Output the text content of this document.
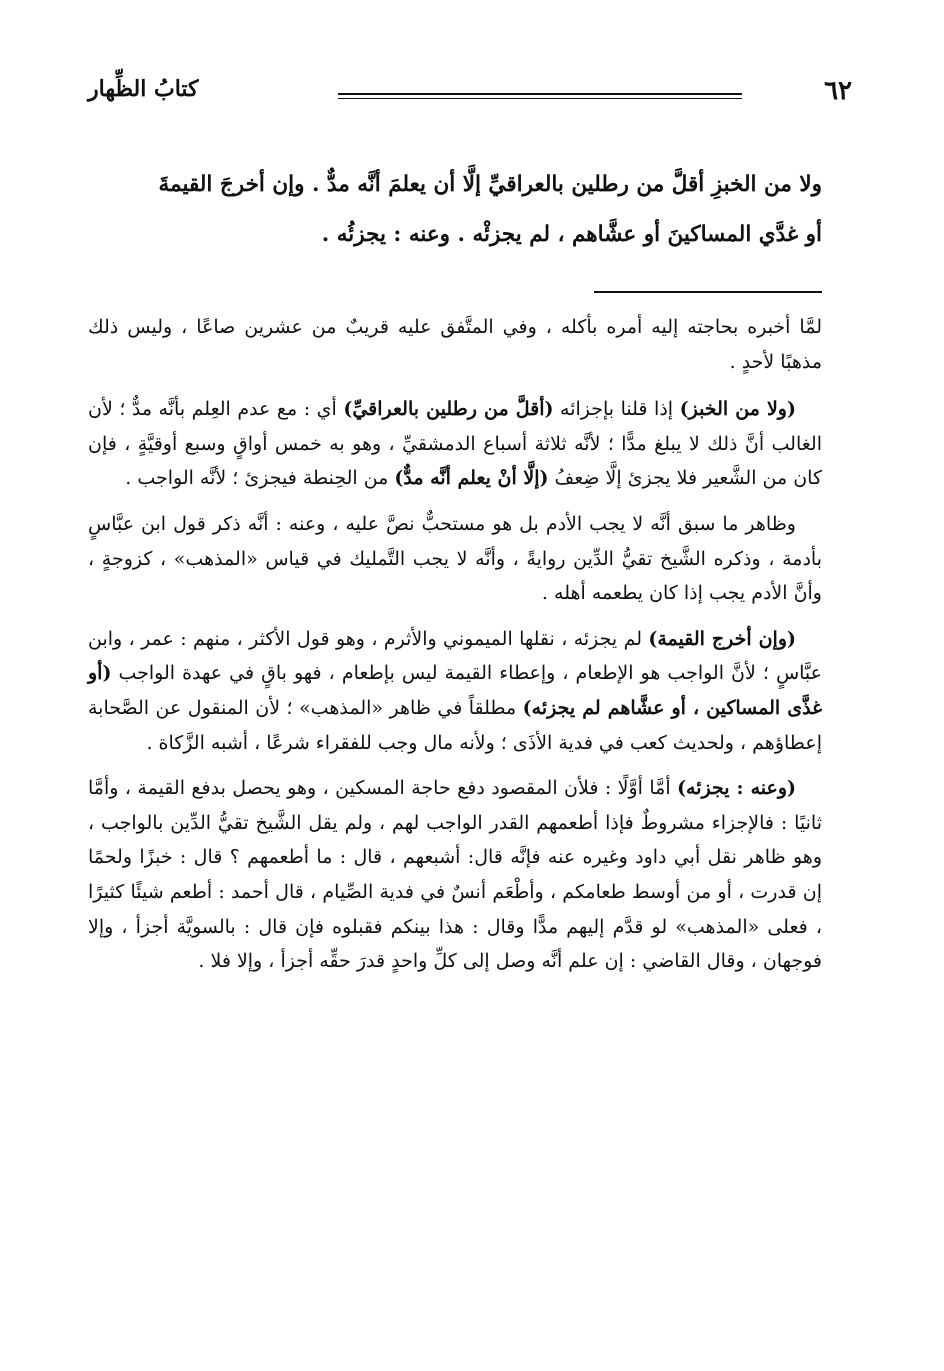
٦٢
كتابُ الظِّهار

ولا من الخبزِ أقلَّ من رطلين بالعراقيِّ إلَّا أن يعلمَ أنَّه مدٌّ . وإن أخرجَ القيمةَ

أو غدَّي المساكينَ أو عشَّاهم ، لم يجزئْه . وعنه : يجزئُه .

لمَّا أخبره بحاجته إليه أمره بأكله ، وفي المتَّفق عليه قريبٌ من عشرين صاعًا ، وليس ذلك مذهبًا لأحدٍ .

(ولا من الخبز) إذا قلنا بإجزائه (أقلَّ من رطلين بالعراقيِّ) أي : مع عدم العِلم بأنَّه مدٌّ ؛ لأن الغالب أنَّ ذلك لا يبلغ مدًّا ؛ لأنَّه ثلاثة أسباع الدمشقيِّ ، وهو به خمس أواقٍ وسبع أوقيَّةٍ ، فإن كان من الشَّعير فلا يجزئ إلَّا ضِعفُ (إلَّا أنْ يعلم أنَّه مدٌّ) من الحِنطة فيجزئ ؛ لأنَّه الواجب .

وظاهر ما سبق أنَّه لا يجب الأدم بل هو مستحبٌّ نصَّ عليه ، وعنه : أنَّه ذكر قول ابن عبَّاسٍ بأدمة ، وذكره الشَّيخ تقيُّ الدِّين روايةً ، وأنَّه لا يجب التَّمليك في قياس «المذهب» ، كزوجةٍ ، وأنَّ الأدم يجب إذا كان يطعمه أهله .

(وإن أخرج القيمة) لم يجزئه ، نقلها الميموني والأثرم ، وهو قول الأكثر ، منهم : عمر ، وابن عبَّاسٍ ؛ لأنَّ الواجب هو الإطعام ، وإعطاء القيمة ليس بإطعام ، فهو باقٍ في عهدة الواجب (أو غذَّى المساكين ، أو عشَّاهم لم يجزئه) مطلقاً في ظاهر «المذهب» ؛ لأن المنقول عن الصَّحابة إعطاؤهم ، ولحديث كعب في فدية الأذَى ؛ ولأنه مال وجب للفقراء شرعًا ، أشبه الزَّكاة .

(وعنه : يجزئه) أمَّا أوَّلًا : فلأن المقصود دفع حاجة المسكين ، وهو يحصل بدفع القيمة ، وأمَّا ثانيًا : فالإجزاء مشروطٌ فإذا أطعمهم القدر الواجب لهم ، ولم يقل الشَّيخ تقيُّ الدِّين بالواجب ، وهو ظاهر نقل أبي داود وغيره عنه فإنَّه قال: أشبعهم ، قال : ما أطعمهم ؟ قال : خبزًا ولحمًا إن قدرت ، أو من أوسط طعامكم ، وأطْعَم أنسٌ في فدية الصِّيام ، قال أحمد : أطعم شيئًا كثيرًا ، فعلى «المذهب» لو قدَّم إليهم مدًّا وقال : هذا بينكم فقبلوه فإن قال : بالسويَّة أجزأ ، وإلا فوجهان ، وقال القاضي : إن علم أنَّه وصل إلى كلِّ واحدٍ قدرَ حقِّه أجزأ ، وإلا فلا .
